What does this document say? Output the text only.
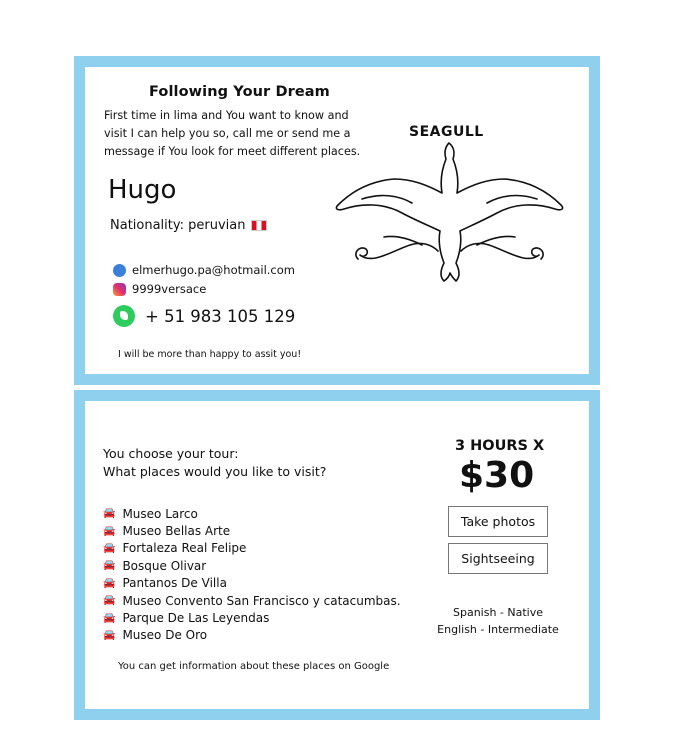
Following Your Dream
First time in lima and You want to know and visit I can help you so, call me or send me a message if You look for meet different places.
Hugo
Nationality: peruvian
elmerhugo.pa@hotmail.com
9999versace
+ 51 983 105 129
I will be more than happy to assit you!
SEAGULL
You choose your tour:
What places would you like to visit?
🚘 Museo Larco
🚘 Museo Bellas Arte
🚘 Fortaleza Real Felipe
🚘 Bosque Olivar
🚘 Pantanos De Villa
🚘 Museo Convento San Francisco y catacumbas.
🚘 Parque De Las Leyendas
🚘 Museo De Oro
You can get information about these places on Google
3 HOURS X
$30
Take photos
Sightseeing
Spanish - Native
English - Intermediate
